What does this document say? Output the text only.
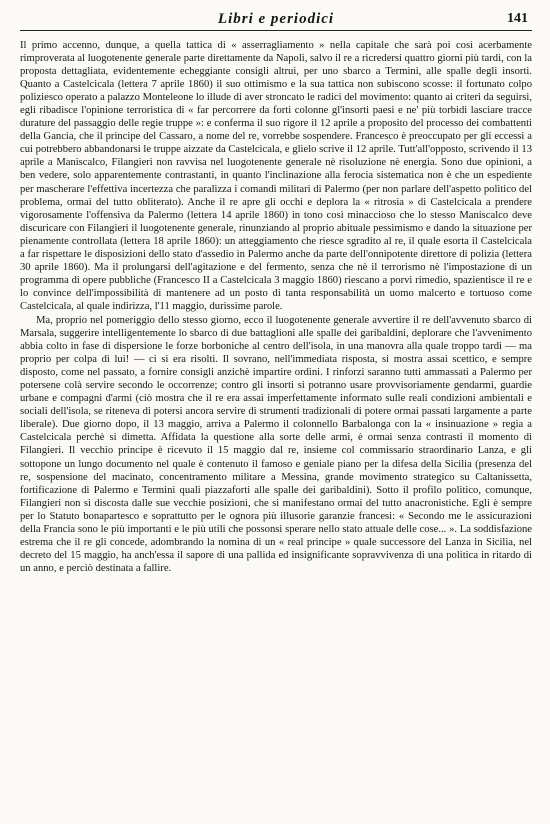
Libri e periodici	141

Il primo accenno, dunque, a quella tattica di « asserragliamento » nella capitale che sarà poi così acerbamente rimproverata al luogotenente generale parte direttamente da Napoli, salvo il re a ricredersi quattro giorni più tardi, con la proposta dettagliata, evidentemente echeggiante consigli altrui, per uno sbarco a Termini, alle spalle degli insorti. Quanto a Castelcicala (lettera 7 aprile 1860) il suo ottimismo e la sua tattica non subiscono scosse: il fortunato colpo poliziesco operato a palazzo Monteleone lo illude di aver stroncato le radici del movimento: quanto ai criteri da seguirsi, egli ribadisce l'opinione terroristica di « far percorrere da forti colonne gl'insorti paesi e ne' più torbidi lasciare tracce durature del passaggio delle regie truppe »: e conferma il suo rigore il 12 aprile a proposito del processo dei combattenti della Gancia, che il principe del Cassaro, a nome del re, vorrebbe sospendere. Francesco è preoccupato per gli eccessi a cui potrebbero abbandonarsi le truppe aizzate da Castelcicala, e glielo scrive il 12 aprile. Tutt'all'opposto, scrivendo il 13 aprile a Maniscalco, Filangieri non ravvisa nel luogotenente generale nè risoluzione nè energia. Sono due opinioni, a ben vedere, solo apparentemente contrastanti, in quanto l'inclinazione alla ferocia sistematica non è che un espediente per mascherare l'effettiva incertezza che paralizza i comandi militari di Palermo (per non parlare dell'aspetto politico del problema, ormai del tutto obliterato). Anche il re apre gli occhi e deplora la « ritrosia » di Castelcicala a prendere vigorosamente l'offensiva da Palermo (lettera 14 aprile 1860) in tono così minaccioso che lo stesso Maniscalco deve discuricare con Filangieri il luogotenente generale, rinunziando al proprio abituale pessimismo e dando la situazione per pienamente controllata (lettera 18 aprile 1860): un atteggiamento che riesce sgradito al re, il quale esorta il Castelcicala a far rispettare le disposizioni dello stato d'assedio in Palermo anche da parte dell'onnipotente direttore di polizia (lettera 30 aprile 1860). Ma il prolungarsi dell'agitazione e del fermento, senza che nè il terrorismo nè l'impostazione di un programma di opere pubbliche (Francesco II a Castelcicala 3 maggio 1860) riescano a porvi rimedio, spazientisce il re e lo convince dell'impossibilità di mantenere ad un posto di tanta responsabilità un uomo malcerto e tortuoso come Castelcicala, al quale indirizza, l'11 maggio, durissime parole.

Ma, proprio nel pomeriggio dello stesso giorno, ecco il luogotenente generale avvertire il re dell'avvenuto sbarco di Marsala, suggerire intelligentemente lo sbarco di due battaglioni alle spalle dei garibaldini, deplorare che l'avvenimento abbia colto in fase di dispersione le forze borboniche al centro dell'isola, in una manovra alla quale troppo tardi — ma proprio per colpa di lui! — ci si era risolti. Il sovrano, nell'immediata risposta, si mostra assai scettico, e sempre disposto, come nel passato, a fornire consigli anzichè impartire ordini. I rinforzi saranno tutti ammassati a Palermo per potersene colà servire secondo le occorrenze; contro gli insorti si potranno usare provvisoriamente gendarmi, guardie urbane e compagni d'armi (ciò mostra che il re era assai imperfettamente informato sulle reali condizioni ambientali e sociali dell'isola, se riteneva di potersi ancora servire di strumenti tradizionali di potere ormai passati largamente a parte liberale). Due giorno dopo, il 13 maggio, arriva a Palermo il colonnello Barbalonga con la « insinuazione » regia a Castelcicala perchè si dimetta. Affidata la questione alla sorte delle armi, è ormai senza contrasti il momento di Filangieri. Il vecchio principe è ricevuto il 15 maggio dal re, insieme col commissario straordinario Lanza, e gli sottopone un lungo documento nel quale è contenuto il famoso e geniale piano per la difesa della Sicilia (presenza del re, sospensione del macinato, concentramento militare a Messina, grande movimento strategico su Caltanissetta, fortificazione di Palermo e Termini quali piazzaforti alle spalle dei garibaldini). Sotto il profilo politico, comunque, Filangieri non si discosta dalle sue vecchie posizioni, che si manifestano ormai del tutto anacronistiche. Egli è sempre per lo Statuto bonapartesco e soprattutto per le ognora più illusorie garanzie francesi: « Secondo me le assicurazioni della Francia sono le più importanti e le più utili che possonsi sperare nello stato attuale delle cose... ». La soddisfazione estrema che il re gli concede, adombrando la nomina di un « real principe » quale successore del Lanza in Sicilia, nel decreto del 15 maggio, ha anch'essa il sapore di una pallida ed insignificante sopravvivenza di una politica in ritardo di un anno, e perciò destinata a fallire.
